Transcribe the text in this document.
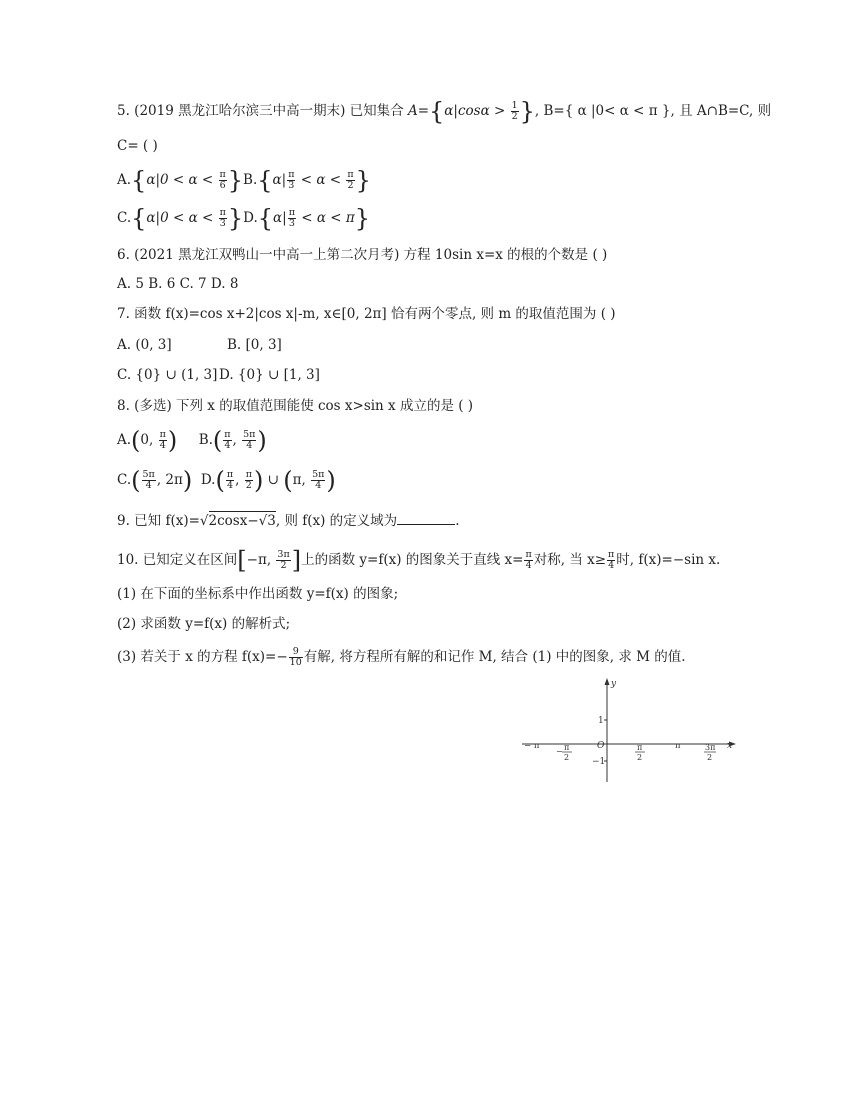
5. (2019 黑龙江哈尔滨三中高一期末) 已知集合 $A=\{\alpha|\cos\alpha > \frac{1}{2}$ }, B={ α |0< α < π }, 且 A∩B=C, 则
C= ( )
$A.\{\alpha|0 < \alpha < \frac{\pi}{6} \}B.\{\alpha| \frac{\pi}{3} < \alpha < \frac{\pi}{2}$ }
$C.\{\alpha|0 < \alpha < \frac{\pi}{3} \}D.\{\alpha| \frac{\pi}{3} < \alpha < \pi\}$
6. (2021 黑龙江双鸭山一中高一上第二次月考) 方程 10sin x=x 的根的个数是 ( )
A. 5 B. 6 C. 7 D. 8
7. 函数 f(x)=cos x+2|cos x|-m, x∈[0, 2π] 恰有两个零点, 则 m 的取值范围为 ( )
A. (0, 3]	B. [0, 3]
C. {0} ∪ (1, 3] D. {0} ∪ [1, 3]
8. (多选) 下列 x 的取值范围能使 cos x>sin x 成立的是 ( )
A.(0, $\frac{\pi}{4}$ ) $B.( \frac{\pi}{4}$ , $\frac{5\pi}{4}$ )
$C.( \frac{5\pi}{4}$ , 2π) $D.( \frac{\pi}{4}$ , $\frac{\pi}{2}$ ) ∪ (π, $\frac{5\pi}{4}$ )
9. 已知 f(x)=√2cosx−√3, 则 f(x) 的定义域为	.
10. 已知定义在区间[−π, $\frac{3\pi}{2}$ ]上的函数 y=f(x) 的图象关于直线 $x= \frac{\pi}{4}$ 对称, 当 $x\ge \frac{\pi}{4}$ 时, f(x)=−sin x.
(1) 在下面的坐标系中作出函数 y=f(x) 的图象;
(2) 求函数 y=f(x) 的解析式;
(3) 若关于 x 的方程 $f(x)=- \frac{9}{10}$ 有解, 将方程所有解的和记作 M, 结合 (1) 中的图象, 求 M 的值.
y
x
O
1
−1
− π
− π
2
π
2
π	3π
2
